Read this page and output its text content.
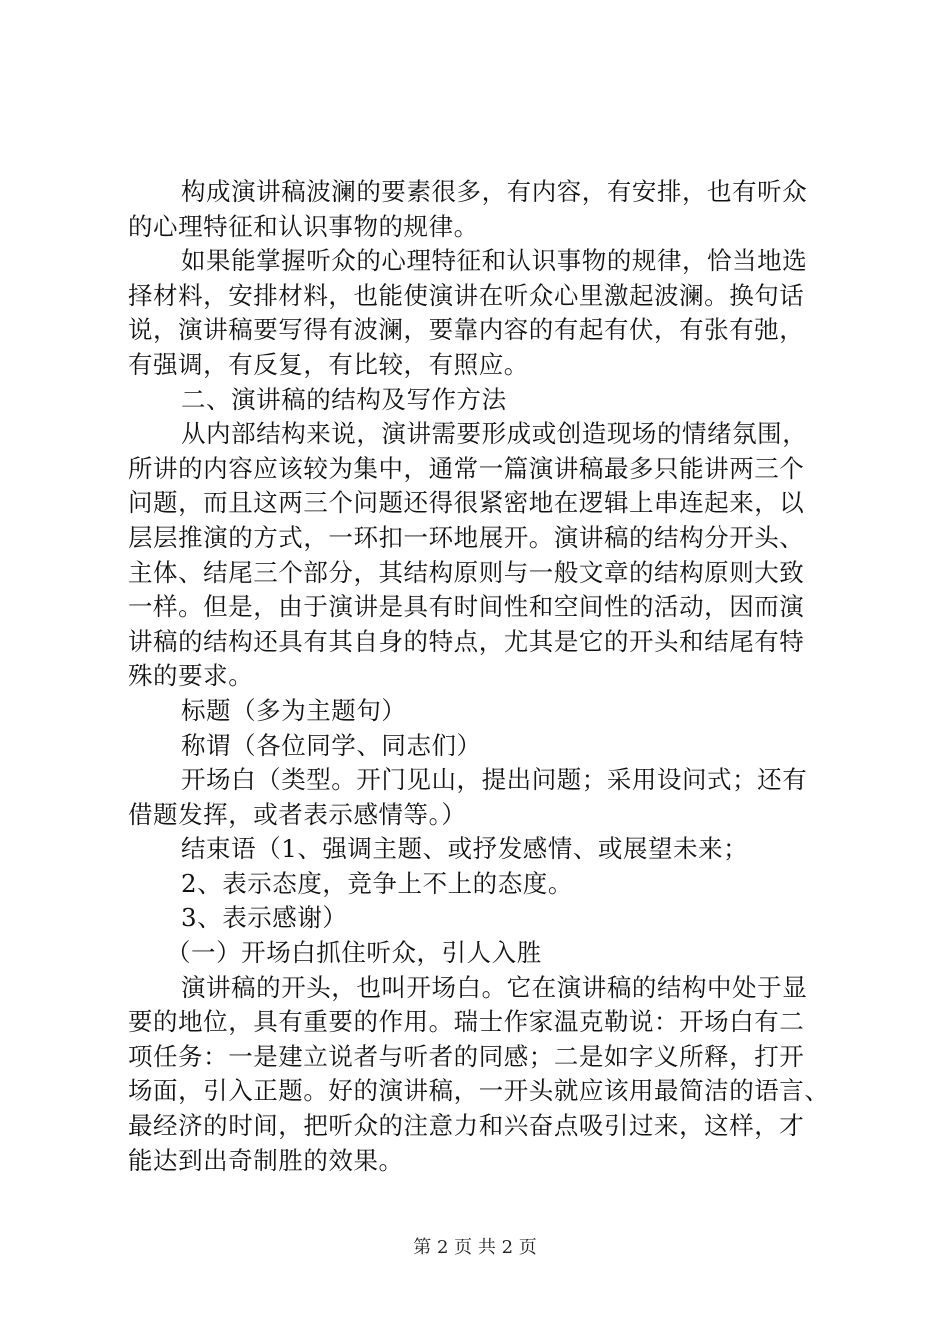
构成演讲稿波澜的要素很多，有内容，有安排，也有听众
的心理特征和认识事物的规律。
如果能掌握听众的心理特征和认识事物的规律，恰当地选
择材料，安排材料，也能使演讲在听众心里激起波澜。换句话
说，演讲稿要写得有波澜，要靠内容的有起有伏，有张有弛，
有强调，有反复，有比较，有照应。
二、演讲稿的结构及写作方法
从内部结构来说，演讲需要形成或创造现场的情绪氛围，
所讲的内容应该较为集中，通常一篇演讲稿最多只能讲两三个
问题，而且这两三个问题还得很紧密地在逻辑上串连起来，以
层层推演的方式，一环扣一环地展开。演讲稿的结构分开头、
主体、结尾三个部分，其结构原则与一般文章的结构原则大致
一样。但是，由于演讲是具有时间性和空间性的活动，因而演
讲稿的结构还具有其自身的特点，尤其是它的开头和结尾有特
殊的要求。
标题（多为主题句）
称谓（各位同学、同志们）
开场白（类型。开门见山，提出问题；采用设问式；还有
借题发挥，或者表示感情等。）
结束语（1、强调主题、或抒发感情、或展望未来；
2、表示态度，竞争上不上的态度。
3、表示感谢）
（一）开场白抓住听众，引人入胜
演讲稿的开头，也叫开场白。它在演讲稿的结构中处于显
要的地位，具有重要的作用。瑞士作家温克勒说：开场白有二
项任务：一是建立说者与听者的同感；二是如字义所释，打开
场面，引入正题。好的演讲稿，一开头就应该用最简洁的语言、
最经济的时间，把听众的注意力和兴奋点吸引过来，这样，才
能达到出奇制胜的效果。
第 2 页 共 2 页
